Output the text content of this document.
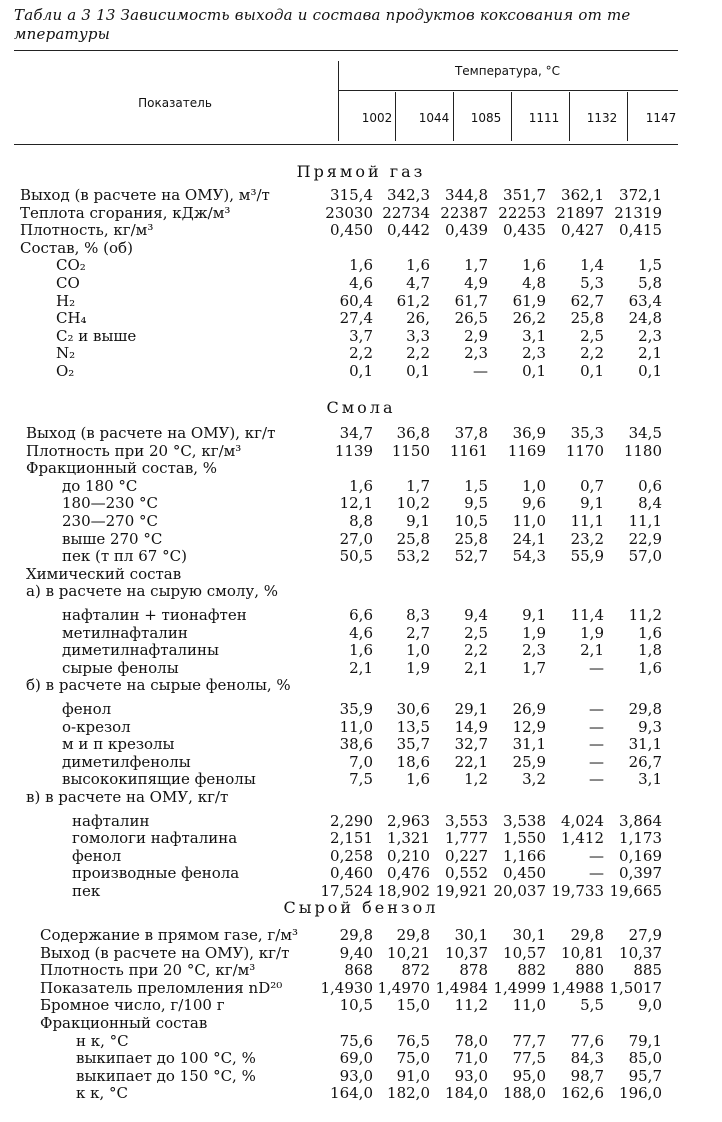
Табли а 3 13 Зависимость выхода и состава продуктов коксования от те мпературы
Показатель
Температура, °С
Прямой газ
Выход (в расчете на ОМУ), м³/т	315,4 342,3	344,8	351,7	362,1	372,1
Теплота сгорания, кДж/м³	23030 22734 22387 22253 21897 21319
Плотность, кг/м³	0,450 0,442	0,439	0,435	0,427	0,415
Состав, % (об)
CO₂	1,6	1,6	1,7	1,6	1,4	1,5
CO	4,6	4,7	4,9	4,8	5,3	5,8
H₂	60,4	61,2	61,7	61,9	62,7	63,4
CH₄	27,4	26,	26,5	26,2	25,8	24,8
C₂ и выше	3,7	3,3	2,9	3,1	2,5	2,3
N₂	2,2	2,2	2,3	2,3	2,2	2,1
O₂	0,1	0,1	—	0,1	0,1	0,1
Смола
Выход (в расчете на ОМУ), кг/т	34,7	36,8	37,8	36,9	35,3	34,5
Плотность при 20 °С, кг/м³	1139	1150	1161	1169	1170	1180
Фракционный состав, %
до 180 °С	1,6	1,7	1,5	1,0	0,7	0,6
180—230 °С	12,1	10,2	9,5	9,6	9,1	8,4
230—270 °С	8,8	9,1	10,5	11,0	11,1	11,1
выше 270 °С	27,0	25,8	25,8	24,1	23,2	22,9
пек (т пл 67 °С)	50,5	53,2	52,7	54,3	55,9	57,0
Химический состав
а) в расчете на сырую смолу, %
нафталин + тионафтен	6,6	8,3	9,4	9,1	11,4	11,2
метилнафталин	4,6	2,7	2,5	1,9	1,9	1,6
диметилнафталины	1,6	1,0	2,2	2,3	2,1	1,8
сырые фенолы	2,1	1,9	2,1	1,7	—	1,6
б) в расчете на сырые фенолы, %
фенол	35,9	30,6	29,1	26,9	—	29,8
о-крезол	11,0	13,5	14,9	12,9	—	9,3
м и п крезолы	38,6	35,7	32,7	31,1	—	31,1
диметилфенолы	7,0	18,6	22,1	25,9	—	26,7
высококипящие фенолы	7,5	1,6	1,2	3,2	—	3,1
в) в расчете на ОМУ, кг/т
нафталин	2,290 2,963	3,553	3,538	4,024	3,864
гомологи нафталина	2,151 1,321	1,777	1,550	1,412	1,173
фенол	0,258 0,210	0,227	1,166	—	0,169
производные фенола	0,460 0,476	0,552	0,450	—	0,397
пек	17,524 18,902 19,921 20,037 19,733 19,665
Сырой бензол
Содержание в прямом газе, г/м³	29,8	29,8	30,1	30,1	29,8	27,9
Выход (в расчете на ОМУ), кг/т	9,40 10,21	10,37	10,57	10,81	10,37
Плотность при 20 °С, кг/м³	868	872	878	882	880	885
Показатель преломления nD²⁰	1,4930 1,4970 1,4984 1,4999 1,4988 1,5017
Бромное число, г/100 г	10,5	15,0	11,2	11,0	5,5	9,0
Фракционный состав
н к, °С	75,6	76,5	78,0	77,7	77,6	79,1
выкипает до 100 °С, %	69,0	75,0	71,0	77,5	84,3	85,0
выкипает до 150 °С, %	93,0	91,0	93,0	95,0	98,7	95,7
к к, °С	164,0 182,0	184,0	188,0	162,6	196,0
1002	1044	1085	1111	1132	1147
